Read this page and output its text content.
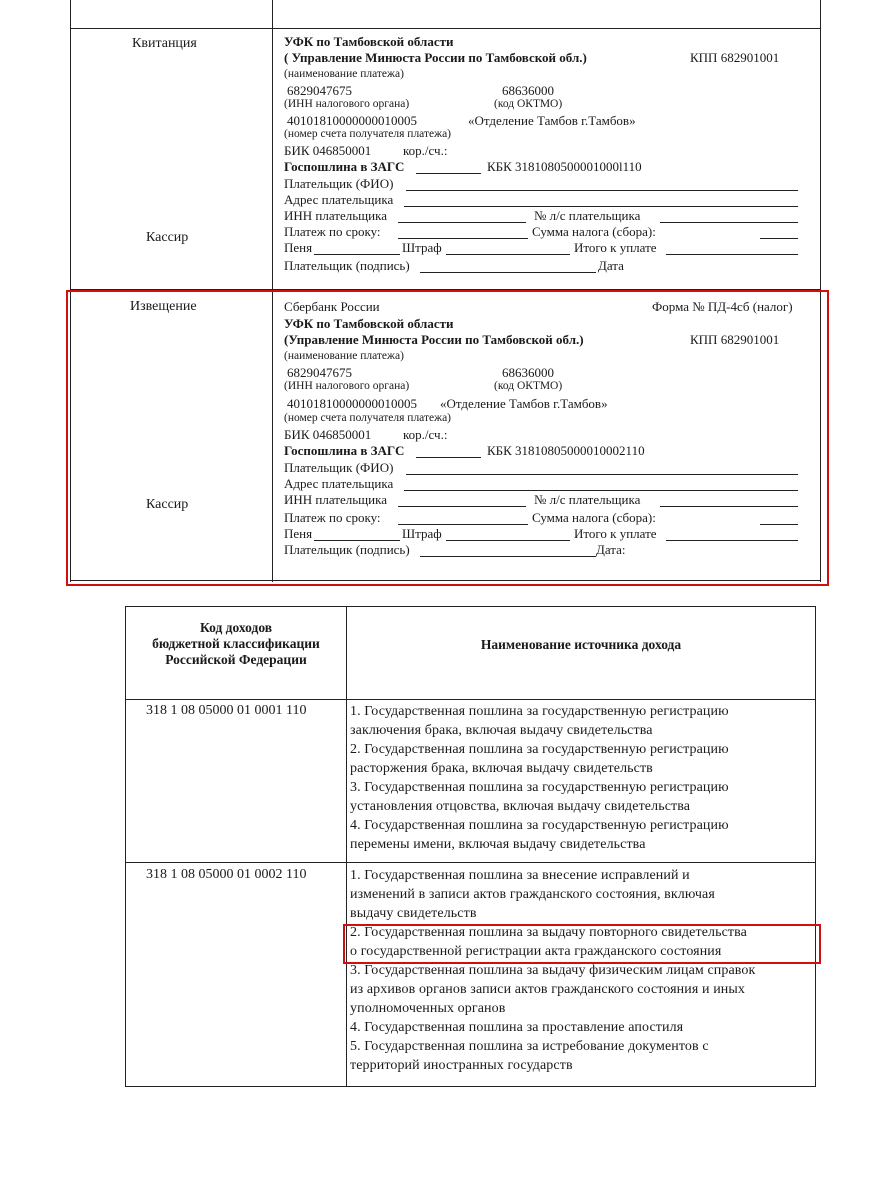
Квитанция
Кассир
УФК по Тамбовской области
( Управление Минюста России по Тамбовской обл.)	КПП 682901001
(наименование платежа)
6829047675	68636000
(ИНН налогового органа)	(код ОКТМО)
40101810000000010005	«Отделение Тамбов г.Тамбов»
(номер счета получателя платежа)
БИК 046850001 кор./сч.:
Госпошлина в ЗАГС	КБК 3181080500001000l110
Плательщик (ФИО)
Адрес плательщика
ИНН плательщика	№ л/с плательщика
Платеж по сроку:	Сумма налога (сбора):
Пеня	Штраф	Итого к уплате
Плательщик (подпись)	Дата
Извещение
Кассир
Сбербанк России	Форма № ПД-4сб (налог)
УФК по Тамбовской области
(Управление Минюста России по Тамбовской обл.)	КПП 682901001
(наименование платежа)
6829047675	68636000
(ИНН налогового органа)	(код ОКТМО)
40101810000000010005 «Отделение Тамбов г.Тамбов»
(номер счета получателя платежа)
БИК 046850001 кор./сч.:
Госпошлина в ЗАГС	КБК 31810805000010002110
Плательщик (ФИО)
Адрес плательщика
ИНН плательщика	№ л/с плательщика
Платеж по сроку:	Сумма налога (сбора):
Пеня	Штраф	Итого к уплате
Плательщик (подпись)	Дата:
Код доходов
бюджетной классификации
Российской Федерации
Наименование источника дохода
318 1 08 05000 01 0001 110	1. Государственная пошлина за государственную регистрацию
заключения брака, включая выдачу свидетельства
2. Государственная пошлина за государственную регистрацию
расторжения брака, включая выдачу свидетельств
3. Государственная пошлина за государственную регистрацию
установления отцовства, включая выдачу свидетельства
4. Государственная пошлина за государственную регистрацию
перемены имени, включая выдачу свидетельства
318 1 08 05000 01 0002 110	1. Государственная пошлина за внесение исправлений и
изменений в записи актов гражданского состояния, включая
выдачу свидетельств
2. Государственная пошлина за выдачу повторного свидетельства
о государственной регистрации акта гражданского состояния
3. Государственная пошлина за выдачу физическим лицам справок
из архивов органов записи актов гражданского состояния и иных
уполномоченных органов
4. Государственная пошлина за проставление апостиля
5. Государственная пошлина за истребование документов с
территорий иностранных государств
